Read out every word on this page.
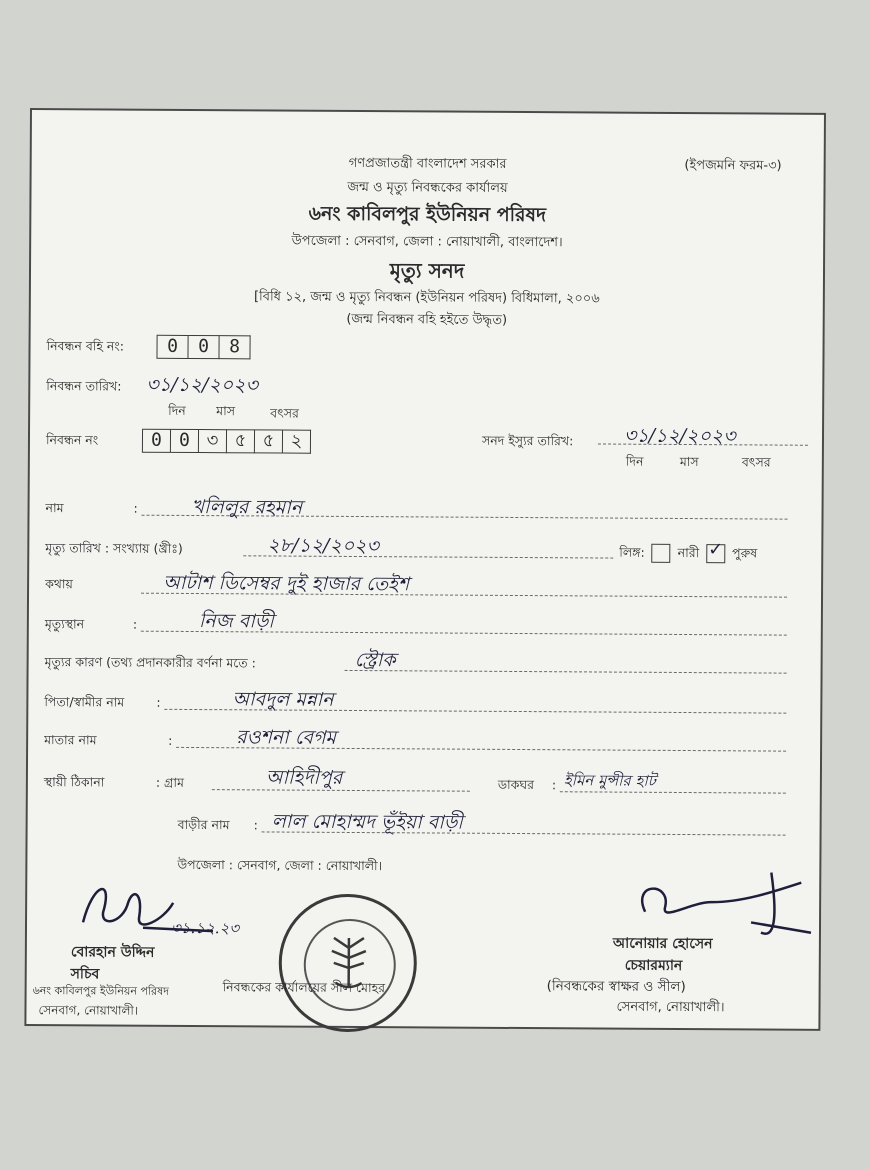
গণপ্রজাতন্ত্রী বাংলাদেশ সরকার	(ইপজমনি ফরম-৩)
জন্ম ও মৃত্যু নিবন্ধকের কার্যালয়
৬নং কাবিলপুর ইউনিয়ন পরিষদ
উপজেলা : সেনবাগ, জেলা : নোয়াখালী, বাংলাদেশ।
মৃত্যু সনদ
[বিধি ১২, জন্ম ও মৃত্যু নিবন্ধন (ইউনিয়ন পরিষদ) বিধিমালা, ২০০৬
(জন্ম নিবন্ধন বহি হইতে উদ্ধৃত)
নিবন্ধন বহি নং:	0	0	8
নিবন্ধন তারিখ: ৩১/১২/২০২৩
দিন মাস	বৎসর
নিবন্ধন নং	0 0 ৩ ৫ ৫ ২	সনদ ইস্যুর তারিখ:	৩১/১২/২০২৩
দিন	মাস	বৎসর
নাম	:	খলিলুর রহমান
মৃত্যু তারিখ : সংখ্যায় (খ্রীঃ)	২৮/১২/২০২৩	লিঙ্গ:	নারী ✓ পুরুষ
কথায়	আটাশ ডিসেম্বর দুই হাজার তেইশ
মৃত্যুস্থান	:	নিজ বাড়ী
মৃত্যুর কারণ (তথ্য প্রদানকারীর বর্ণনা মতে :	স্ট্রোক
পিতা/স্বামীর নাম	:	আবদুল মন্নান
মাতার নাম	:	রওশনা বেগম
স্থায়ী ঠিকানা	: গ্রাম	আহিদীপুর	ডাকঘর : ইমিন মুন্সীর হাট
বাড়ীর নাম : লাল মোহাম্মদ ভূঁইয়া বাড়ী
উপজেলা : সেনবাগ, জেলা : নোয়াখালী।
৩১.১২.২৩
বোরহান উদ্দিন
সচিব
৬নং কাবিলপুর ইউনিয়ন পরিষদ
সেনবাগ, নোয়াখালী।
নিবন্ধকের কার্যালয়ের সীল মোহর
আনোয়ার হোসেন
চেয়ারম্যান
(নিবন্ধকের স্বাক্ষর ও সীল)
সেনবাগ, নোয়াখালী।
